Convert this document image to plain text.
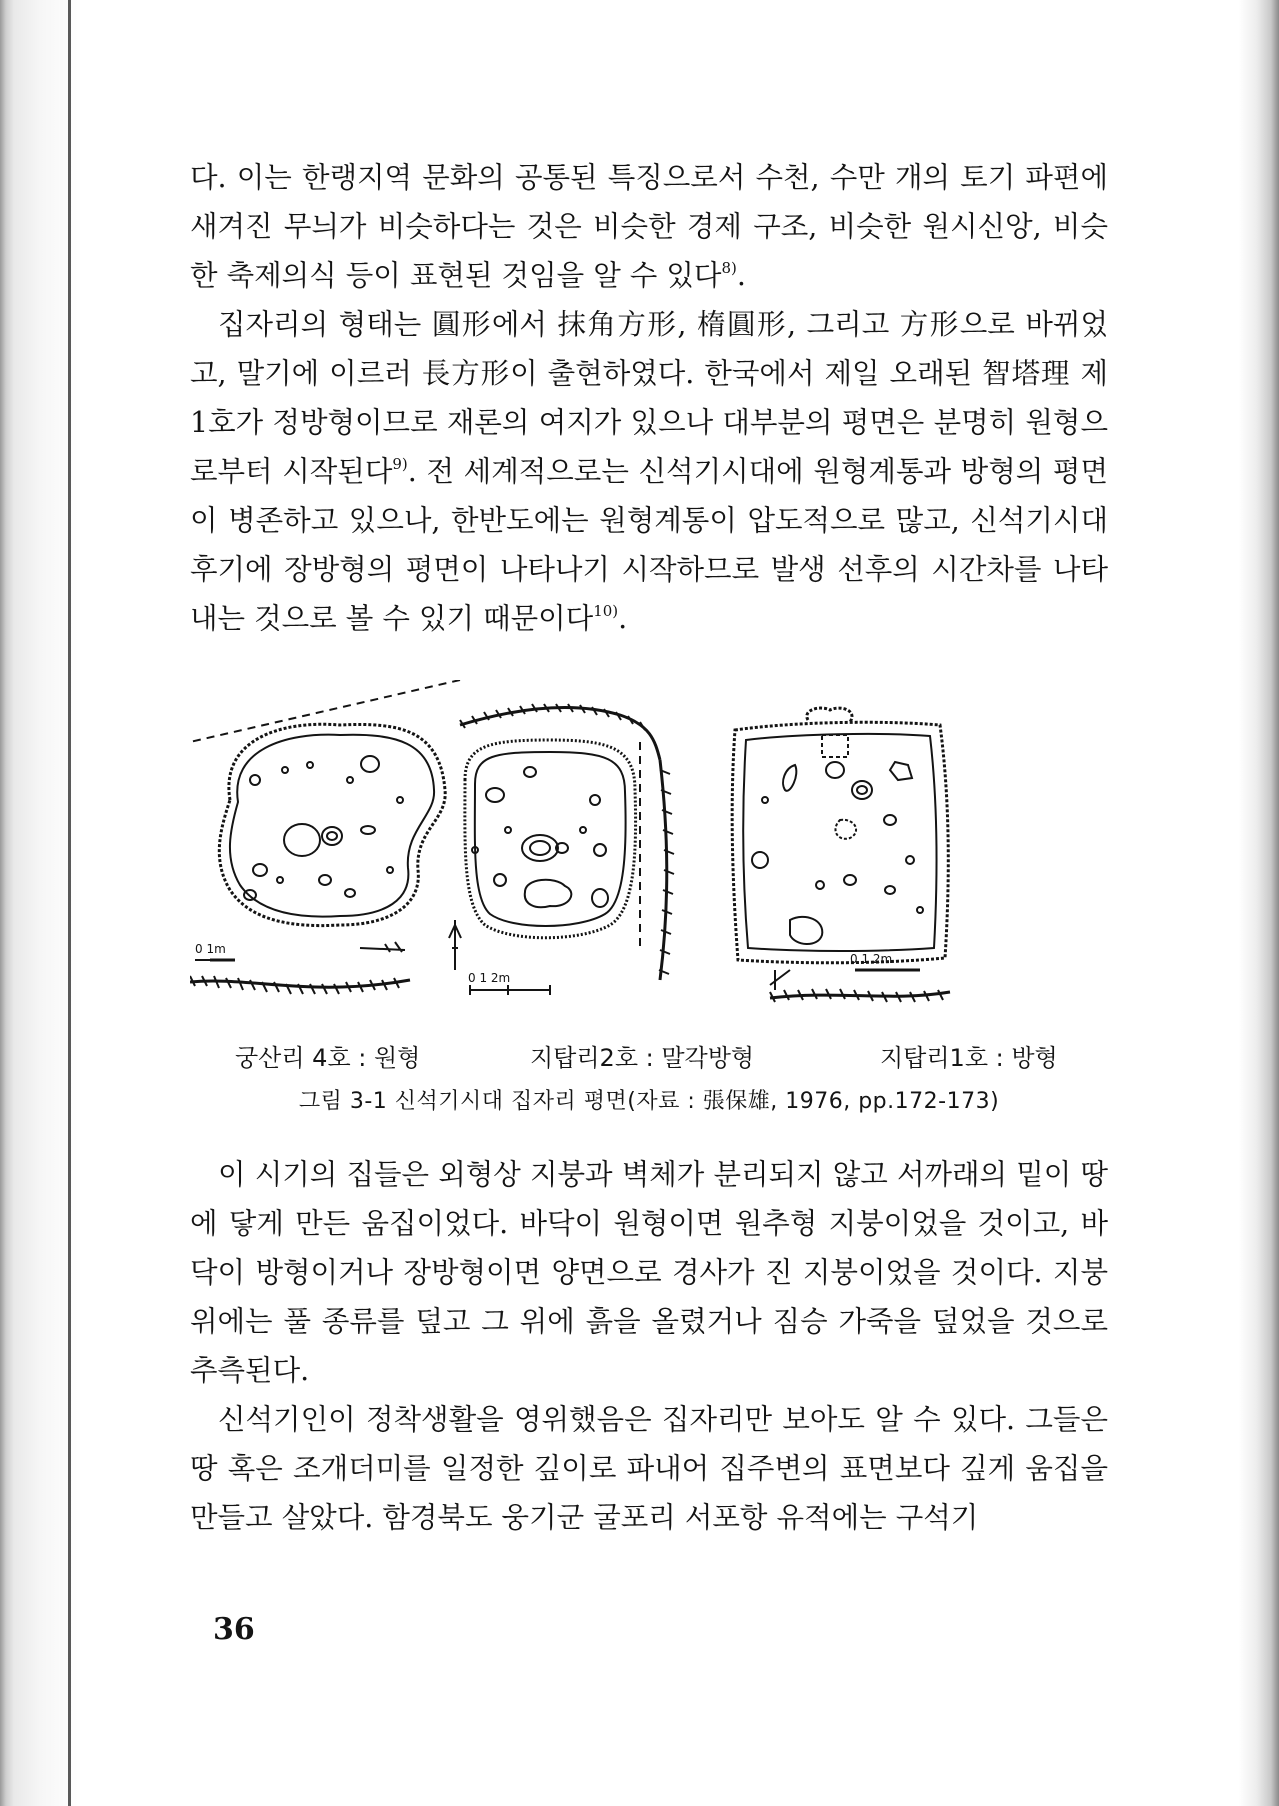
다. 이는 한랭지역 문화의 공통된 특징으로서 수천, 수만 개의 토기 파편에 새겨진 무늬가 비슷하다는 것은 비슷한 경제 구조, 비슷한 원시신앙, 비슷한 축제의식 등이 표현된 것임을 알 수 있다$^{8)}$.

집자리의 형태는 圓形에서 抹角方形, 楕圓形, 그리고 方形으로 바뀌었고, 말기에 이르러 長方形이 출현하였다. 한국에서 제일 오래된 智塔理 제1호가 정방형이므로 재론의 여지가 있으나 대부분의 평면은 분명히 원형으로부터 시작된다$^{9)}$. 전 세계적으로는 신석기시대에 원형계통과 방형의 평면이 병존하고 있으나, 한반도에는 원형계통이 압도적으로 많고, 신석기시대 후기에 장방형의 평면이 나타나기 시작하므로 발생 선후의 시간차를 나타내는 것으로 볼 수 있기 때문이다$^{10)}$.

0 1m
0 1 2m
0 1 2m
궁산리 4호 : 원형	지탑리2호 : 말각방형	지탑리1호 : 방형
그림 3-1 신석기시대 집자리 평면(자료 : 張保雄, 1976, pp.172-173)

이 시기의 집들은 외형상 지붕과 벽체가 분리되지 않고 서까래의 밑이 땅에 닿게 만든 움집이었다. 바닥이 원형이면 원추형 지붕이었을 것이고, 바닥이 방형이거나 장방형이면 양면으로 경사가 진 지붕이었을 것이다. 지붕 위에는 풀 종류를 덮고 그 위에 흙을 올렸거나 짐승 가죽을 덮었을 것으로 추측된다.

신석기인이 정착생활을 영위했음은 집자리만 보아도 알 수 있다. 그들은 땅 혹은 조개더미를 일정한 깊이로 파내어 집주변의 표면보다 깊게 움집을 만들고 살았다. 함경북도 웅기군 굴포리 서포항 유적에는 구석기

36
